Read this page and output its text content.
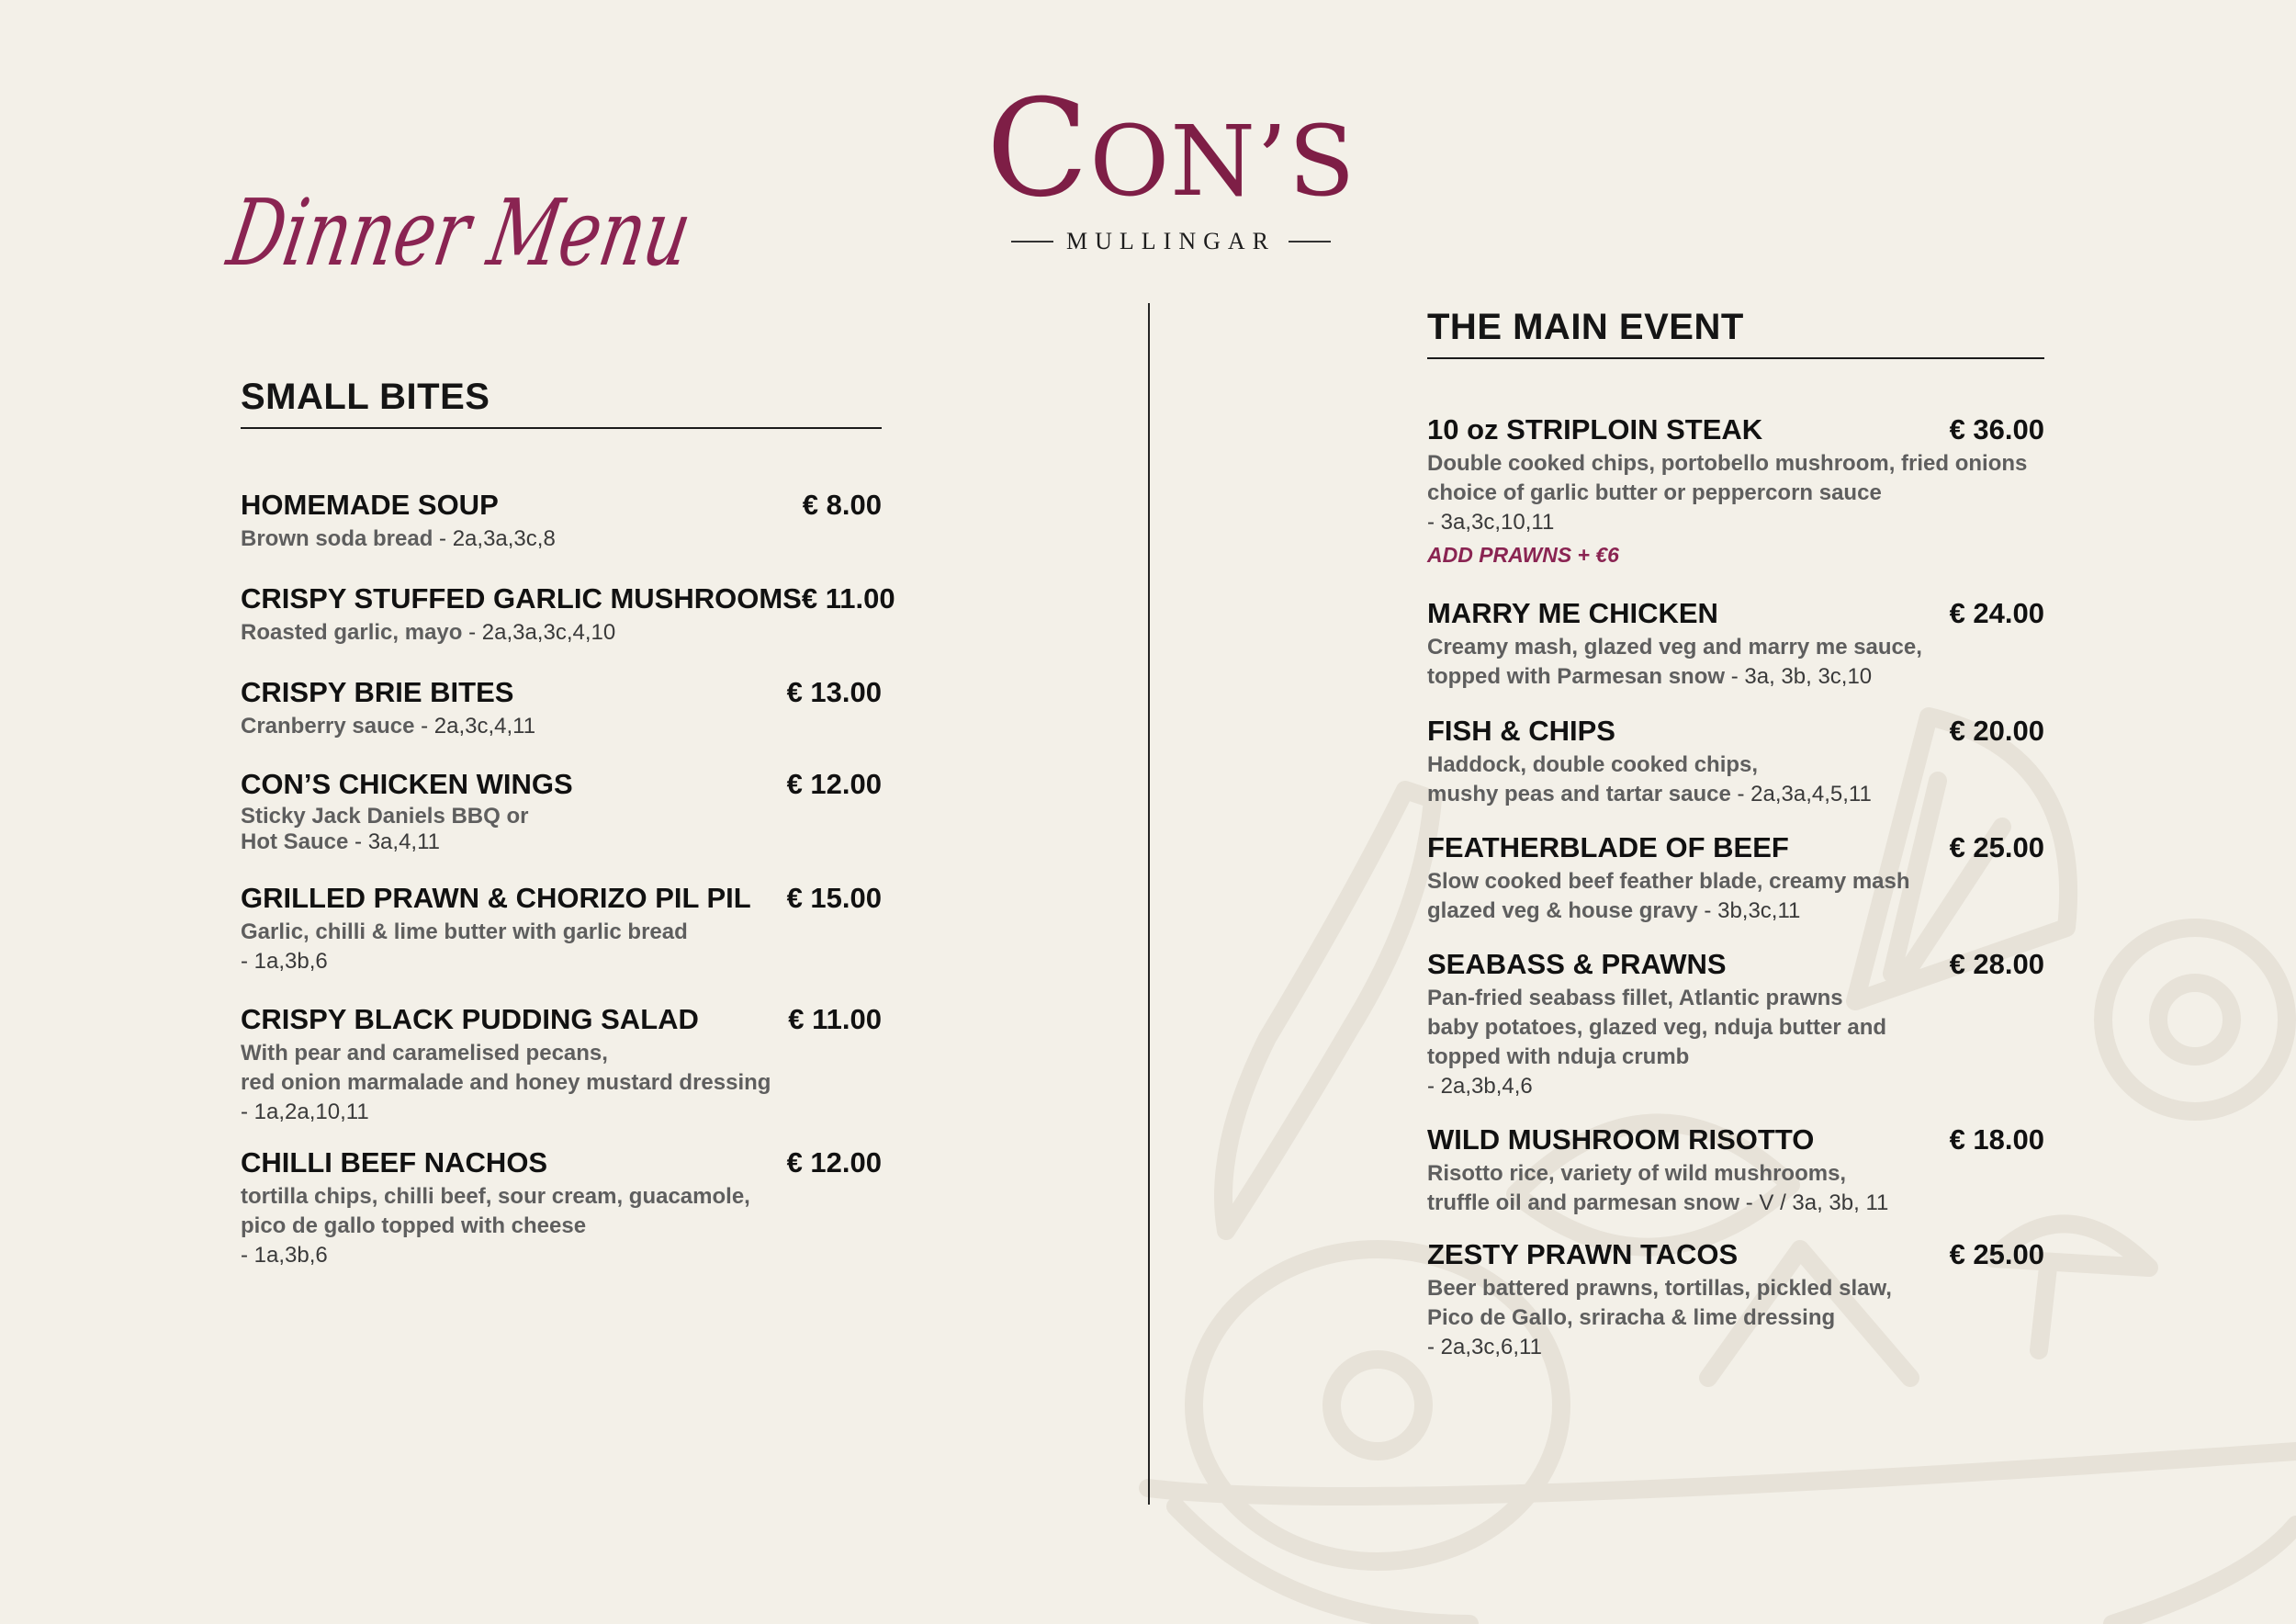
Dinner Menu
CON’S
MULLINGAR
SMALL BITES
HOMEMADE SOUP	€ 8.00
Brown soda bread - 2a,3a,3c,8
CRISPY STUFFED GARLIC MUSHROOMS € 11.00
Roasted garlic, mayo - 2a,3a,3c,4,10
CRISPY BRIE BITES	€ 13.00
Cranberry sauce - 2a,3c,4,11
CON’S CHICKEN WINGS	€ 12.00
Sticky Jack Daniels BBQ or
Hot Sauce - 3a,4,11
GRILLED PRAWN & CHORIZO PIL PIL € 15.00
Garlic, chilli & lime butter with garlic bread
- 1a,3b,6
CRISPY BLACK PUDDING SALAD	€ 11.00
With pear and caramelised pecans,
red onion marmalade and honey mustard dressing
- 1a,2a,10,11
CHILLI BEEF NACHOS	€ 12.00
tortilla chips, chilli beef, sour cream, guacamole,
pico de gallo topped with cheese
- 1a,3b,6
THE MAIN EVENT
10 oz STRIPLOIN STEAK	€ 36.00
Double cooked chips, portobello mushroom, fried onions
choice of garlic butter or peppercorn sauce
- 3a,3c,10,11
ADD PRAWNS + €6
MARRY ME CHICKEN	€ 24.00
Creamy mash, glazed veg and marry me sauce,
topped with Parmesan snow - 3a, 3b, 3c,10
FISH & CHIPS	€ 20.00
Haddock, double cooked chips,
mushy peas and tartar sauce - 2a,3a,4,5,11
FEATHERBLADE OF BEEF	€ 25.00
Slow cooked beef feather blade, creamy mash
glazed veg & house gravy - 3b,3c,11
SEABASS & PRAWNS	€ 28.00
Pan-fried seabass fillet, Atlantic prawns
baby potatoes, glazed veg, nduja butter and
topped with nduja crumb
- 2a,3b,4,6
WILD MUSHROOM RISOTTO	€ 18.00
Risotto rice, variety of wild mushrooms,
truffle oil and parmesan snow - V / 3a, 3b, 11
ZESTY PRAWN TACOS	€ 25.00
Beer battered prawns, tortillas, pickled slaw,
Pico de Gallo, sriracha & lime dressing
- 2a,3c,6,11
